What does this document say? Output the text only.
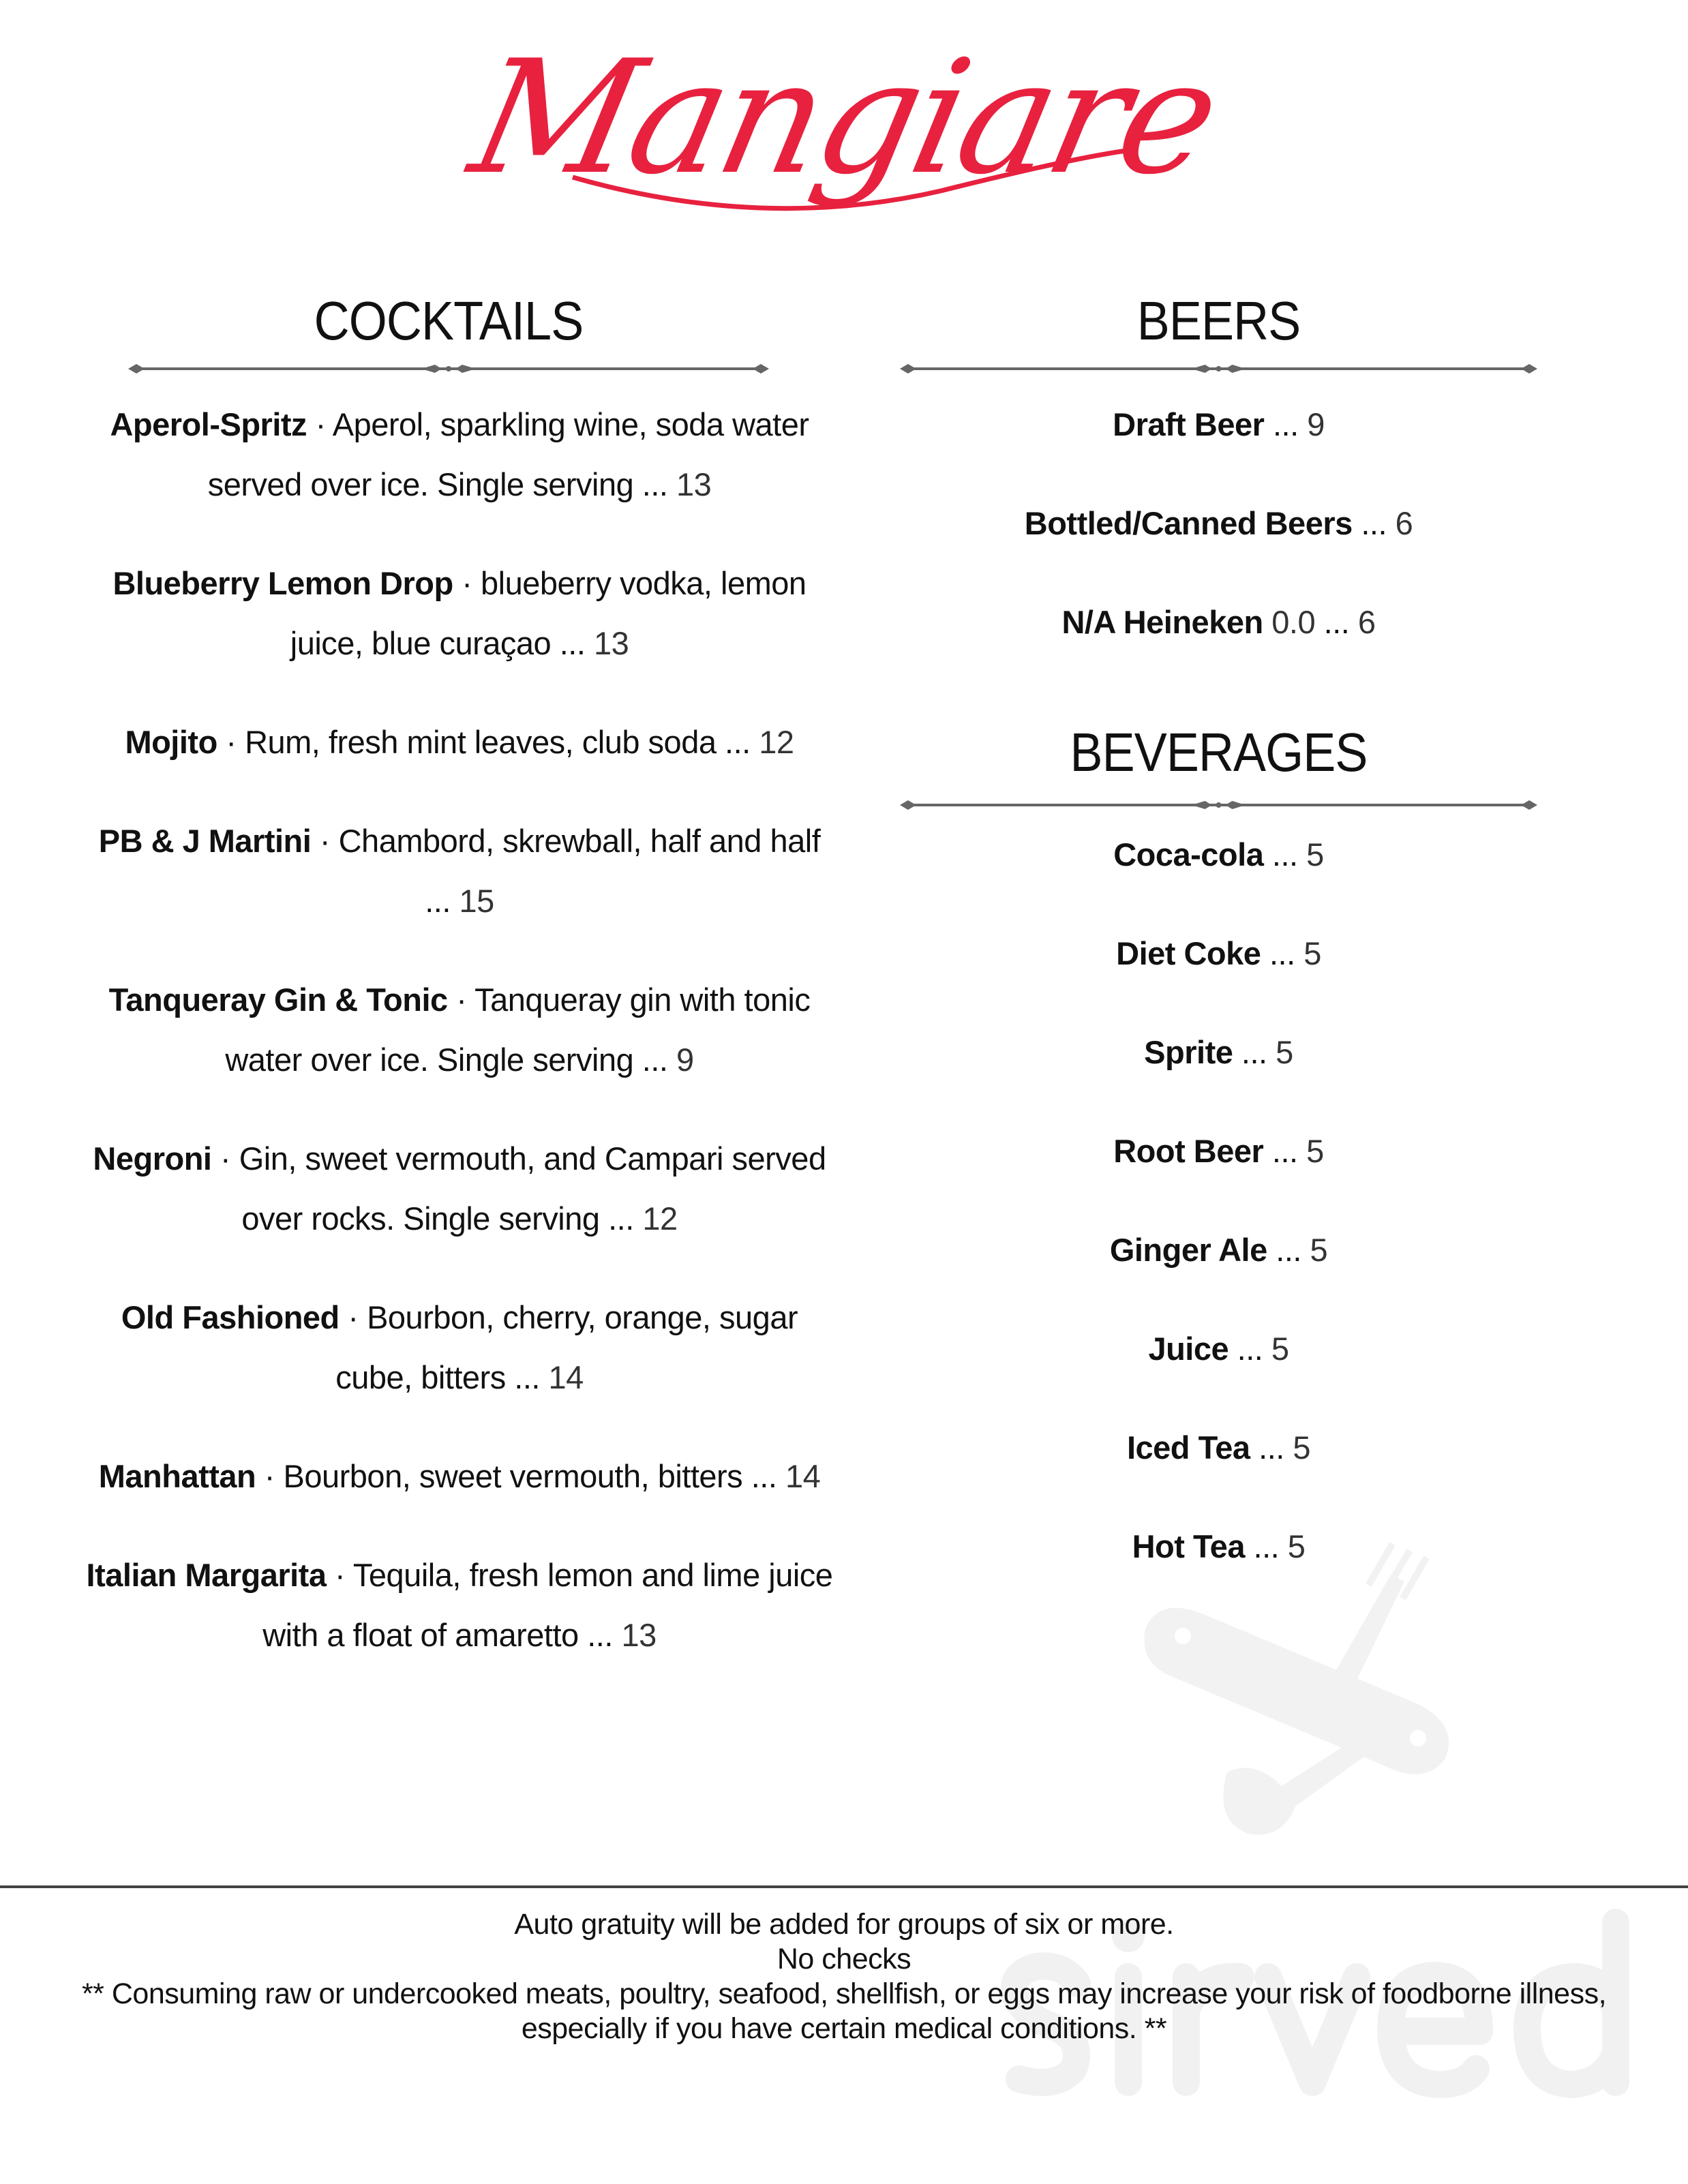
Mangiare
COCKTAILS
Aperol-Spritz · Aperol, sparkling wine, soda water served over ice. Single serving ... 13
Blueberry Lemon Drop · blueberry vodka, lemon juice, blue curaçao ... 13
Mojito · Rum, fresh mint leaves, club soda ... 12
PB & J Martini · Chambord, skrewball, half and half ... 15
Tanqueray Gin & Tonic · Tanqueray gin with tonic water over ice. Single serving ... 9
Negroni · Gin, sweet vermouth, and Campari served over rocks. Single serving ... 12
Old Fashioned · Bourbon, cherry, orange, sugar cube, bitters ... 14
Manhattan · Bourbon, sweet vermouth, bitters ... 14
Italian Margarita · Tequila, fresh lemon and lime juice with a float of amaretto ... 13
BEERS
Draft Beer ... 9
Bottled/Canned Beers ... 6
N/A Heineken 0.0 ... 6
BEVERAGES
Coca-cola ... 5
Diet Coke ... 5
Sprite ... 5
Root Beer ... 5
Ginger Ale ... 5
Juice ... 5
Iced Tea ... 5
Hot Tea ... 5
Auto gratuity will be added for groups of six or more.
No checks
** Consuming raw or undercooked meats, poultry, seafood, shellfish, or eggs may increase your risk of foodborne illness,
especially if you have certain medical conditions. **
